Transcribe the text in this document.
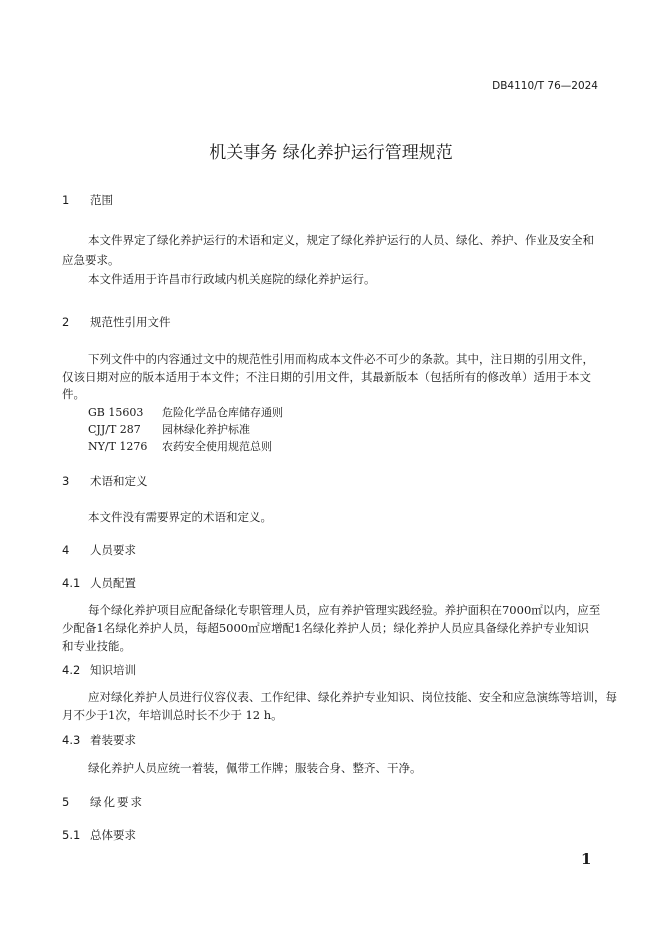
DB4110/T 76—2024
机关事务 绿化养护运行管理规范
1 范围
本文件界定了绿化养护运行的术语和定义，规定了绿化养护运行的人员、绿化、养护、作业及安全和
应急要求。
本文件适用于许昌市行政域内机关庭院的绿化养护运行。
2 规范性引用文件
下列文件中的内容通过文中的规范性引用而构成本文件必不可少的条款。其中，注日期的引用文件，
仅该日期对应的版本适用于本文件；不注日期的引用文件，其最新版本（包括所有的修改单）适用于本文
件。
GB 15603 危险化学品仓库储存通则
CJJ/T 287 园林绿化养护标准
NY/T 1276 农药安全使用规范总则
3 术语和定义
本文件没有需要界定的术语和定义。
4 人员要求
4.1 人员配置
每个绿化养护项目应配备绿化专职管理人员，应有养护管理实践经验。养护面积在7000㎡以内，应至
少配备1名绿化养护人员，每超5000㎡应增配1名绿化养护人员；绿化养护人员应具备绿化养护专业知识
和专业技能。
4.2 知识培训
应对绿化养护人员进行仪容仪表、工作纪律、绿化养护专业知识、岗位技能、安全和应急演练等培训，每
月不少于1次，年培训总时长不少于 12 h。
4.3 着装要求
绿化养护人员应统一着装，佩带工作牌；服装合身、整齐、干净。
5 绿化要求
5.1 总体要求
1
